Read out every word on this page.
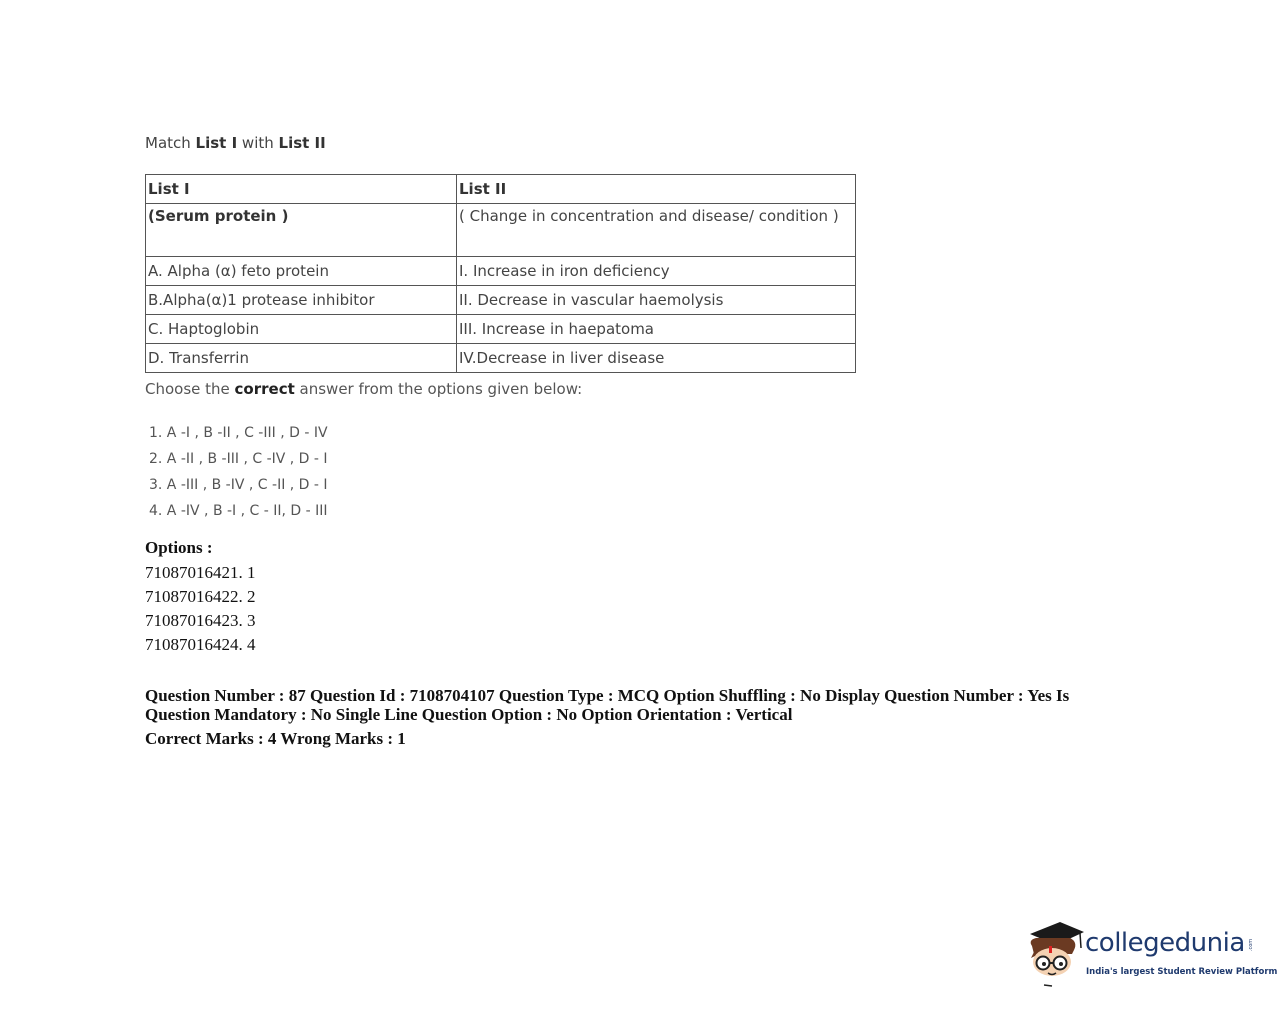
Match List I with List II
List I	List II
(Serum protein )	( Change in concentration and disease/ condition )
A. Alpha (α) feto protein	I. Increase in iron deficiency
B.Alpha(α)1 protease inhibitor	II. Decrease in vascular haemolysis
C. Haptoglobin	III. Increase in haepatoma
D. Transferrin	IV.Decrease in liver disease
Choose the correct answer from the options given below:
1. A -I , B -II , C -III , D - IV
2. A -II , B -III , C -IV , D - I
3. A -III , B -IV , C -II , D - I
4. A -IV , B -I , C - II, D - III
Options :
71087016421. 1
71087016422. 2
71087016423. 3
71087016424. 4
Question Number : 87 Question Id : 7108704107 Question Type : MCQ Option Shuffling : No Display Question Number : Yes Is
Question Mandatory : No Single Line Question Option : No Option Orientation : Vertical
Correct Marks : 4 Wrong Marks : 1
collegedunia .com
India's largest Student Review Platform
